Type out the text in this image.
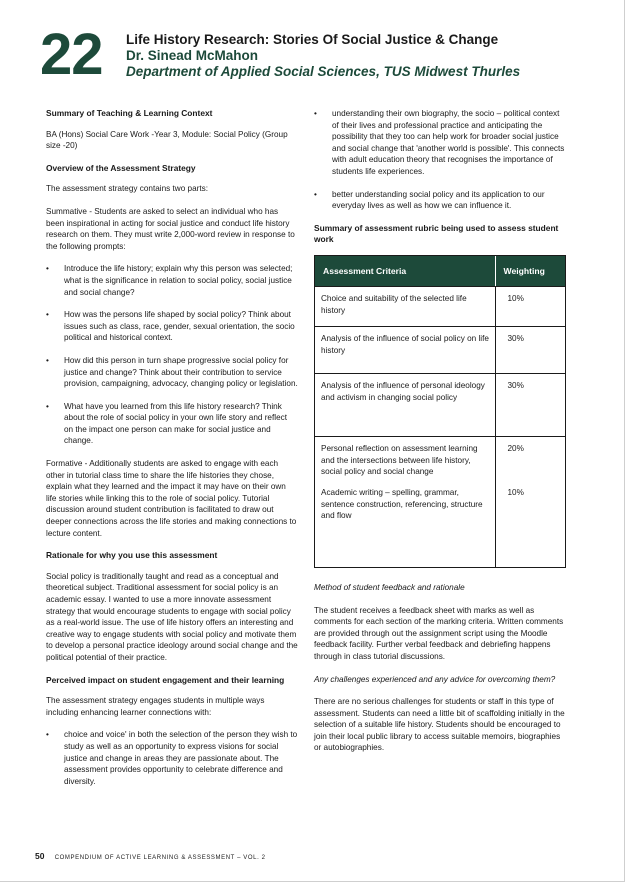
22 Life History Research: Stories Of Social Justice & Change
Dr. Sinead McMahon
Department of Applied Social Sciences, TUS Midwest Thurles
Summary of Teaching & Learning Context
BA (Hons) Social Care Work -Year 3, Module: Social Policy (Group size -20)
Overview of the Assessment Strategy
The assessment strategy contains two parts:
Summative - Students are asked to select an individual who has been inspirational in acting for social justice and conduct life history research on them. They must write 2,000-word review in response to the following prompts:
• Introduce the life history; explain why this person was selected; what is the significance in relation to social policy, social justice and social change?
• How was the persons life shaped by social policy? Think about issues such as class, race, gender, sexual orientation, the socio political and historical context.
• How did this person in turn shape progressive social policy for justice and change? Think about their contribution to service provision, campaigning, advocacy, changing policy or legislation.
• What have you learned from this life history research? Think about the role of social policy in your own life story and reflect on the impact one person can make for social justice and change.
Formative - Additionally students are asked to engage with each other in tutorial class time to share the life histories they chose, explain what they learned and the impact it may have on their own life stories while linking this to the role of social policy. Tutorial discussion around student contribution is facilitated to draw out deeper connections across the life stories and making connections to lecture content.
Rationale for why you use this assessment
Social policy is traditionally taught and read as a conceptual and theoretical subject. Traditional assessment for social policy is an academic essay. I wanted to use a more innovate assessment strategy that would encourage students to engage with social policy as a real-world issue. The use of life history offers an interesting and creative way to engage students with social policy and motivate them to develop a personal practice ideology around social change and the political potential of their practice.
Perceived impact on student engagement and their learning
The assessment strategy engages students in multiple ways including enhancing learner connections with:
• choice and voice' in both the selection of the person they wish to study as well as an opportunity to express visions for social justice and change in areas they are passionate about. The assessment provides opportunity to celebrate difference and diversity.
• understanding their own biography, the socio – political context of their lives and professional practice and anticipating the possibility that they too can help work for broader social justice and social change that 'another world is possible'. This connects with adult education theory that recognises the importance of students life experiences.
• better understanding social policy and its application to our everyday lives as well as how we can influence it.
Summary of assessment rubric being used to assess student work
Assessment Criteria	Weighting
Choice and suitability of the selected life history
10%
Analysis of the influence of social policy on life history
30%
Analysis of the influence of personal ideology and activism in changing social policy
30%
Personal reflection on assessment learning and the intersections between life history, social policy and social change
20%
Academic writing – spelling, grammar, sentence construction, referencing, structure and flow
10%
Method of student feedback and rationale
The student receives a feedback sheet with marks as well as comments for each section of the marking criteria. Written comments are provided through out the assignment script using the Moodle feedback facility. Further verbal feedback and debriefing happens through in class tutorial discussions.
Any challenges experienced and any advice for overcoming them?
There are no serious challenges for students or staff in this type of assessment. Students can need a little bit of scaffolding initially in the selection of a suitable life history. Students should be encouraged to join their local public library to access suitable memoirs, biographies or autobiographies.
50 COMPENDIUM OF ACTIVE LEARNING & ASSESSMENT – VOL. 2
